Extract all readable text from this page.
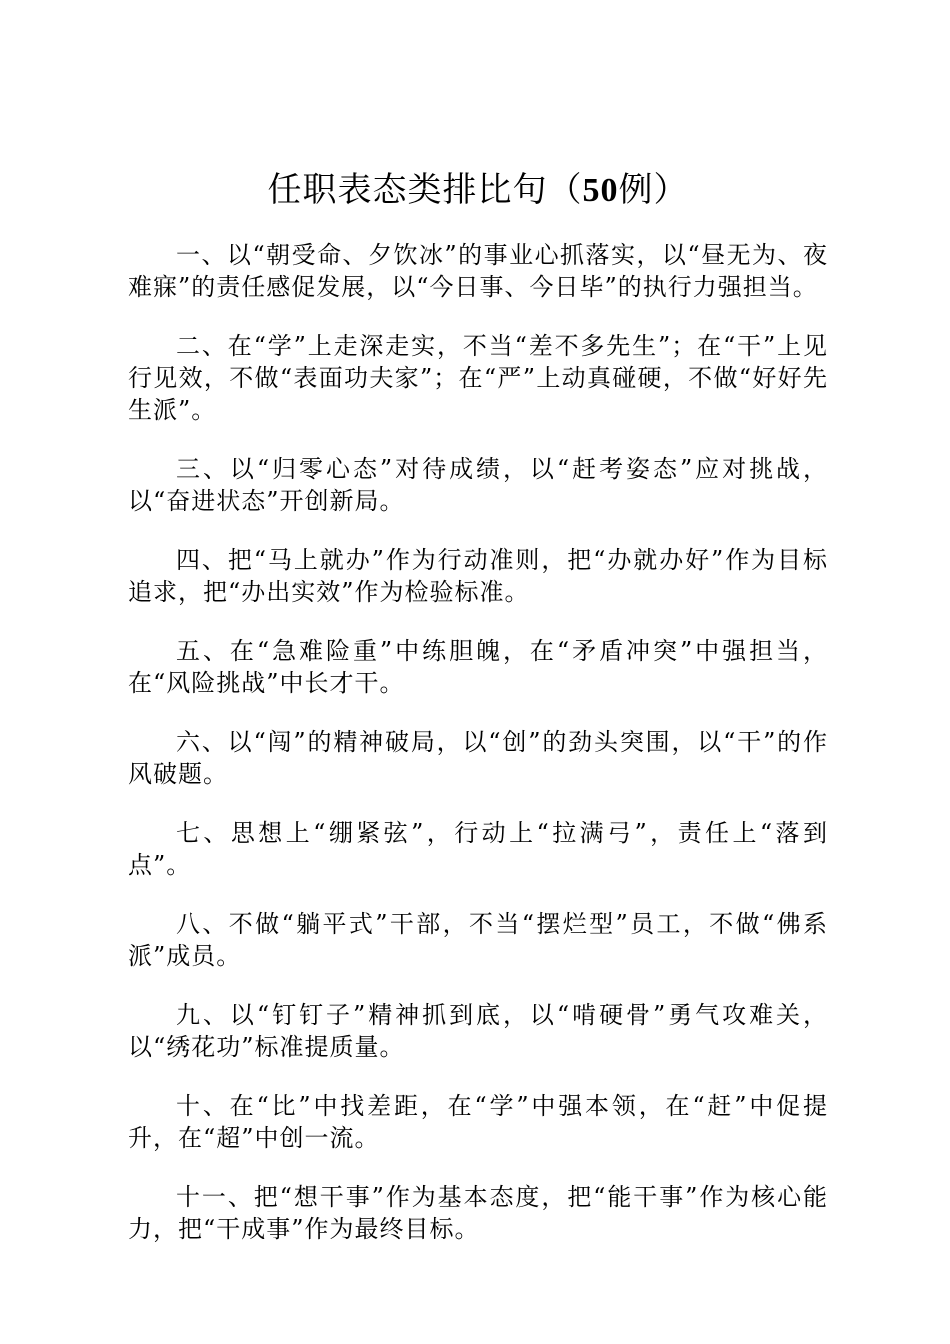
任职表态类排比句（50例）

一、以“朝受命、夕饮冰”的事业心抓落实，以“昼无为、夜难寐”的责任感促发展，以“今日事、今日毕”的执行力强担当。

二、在“学”上走深走实，不当“差不多先生”；在“干”上见行见效，不做“表面功夫家”；在“严”上动真碰硬，不做“好好先生派”。

三、以“归零心态”对待成绩，以“赶考姿态”应对挑战，以“奋进状态”开创新局。

四、把“马上就办”作为行动准则，把“办就办好”作为目标追求，把“办出实效”作为检验标准。

五、在“急难险重”中练胆魄，在“矛盾冲突”中强担当，在“风险挑战”中长才干。

六、以“闯”的精神破局，以“创”的劲头突围，以“干”的作风破题。

七、思想上“绷紧弦”，行动上“拉满弓”，责任上“落到点”。

八、不做“躺平式”干部，不当“摆烂型”员工，不做“佛系派”成员。

九、以“钉钉子”精神抓到底，以“啃硬骨”勇气攻难关，以“绣花功”标准提质量。

十、在“比”中找差距，在“学”中强本领，在“赶”中促提升，在“超”中创一流。

十一、把“想干事”作为基本态度，把“能干事”作为核心能力，把“干成事”作为最终目标。
